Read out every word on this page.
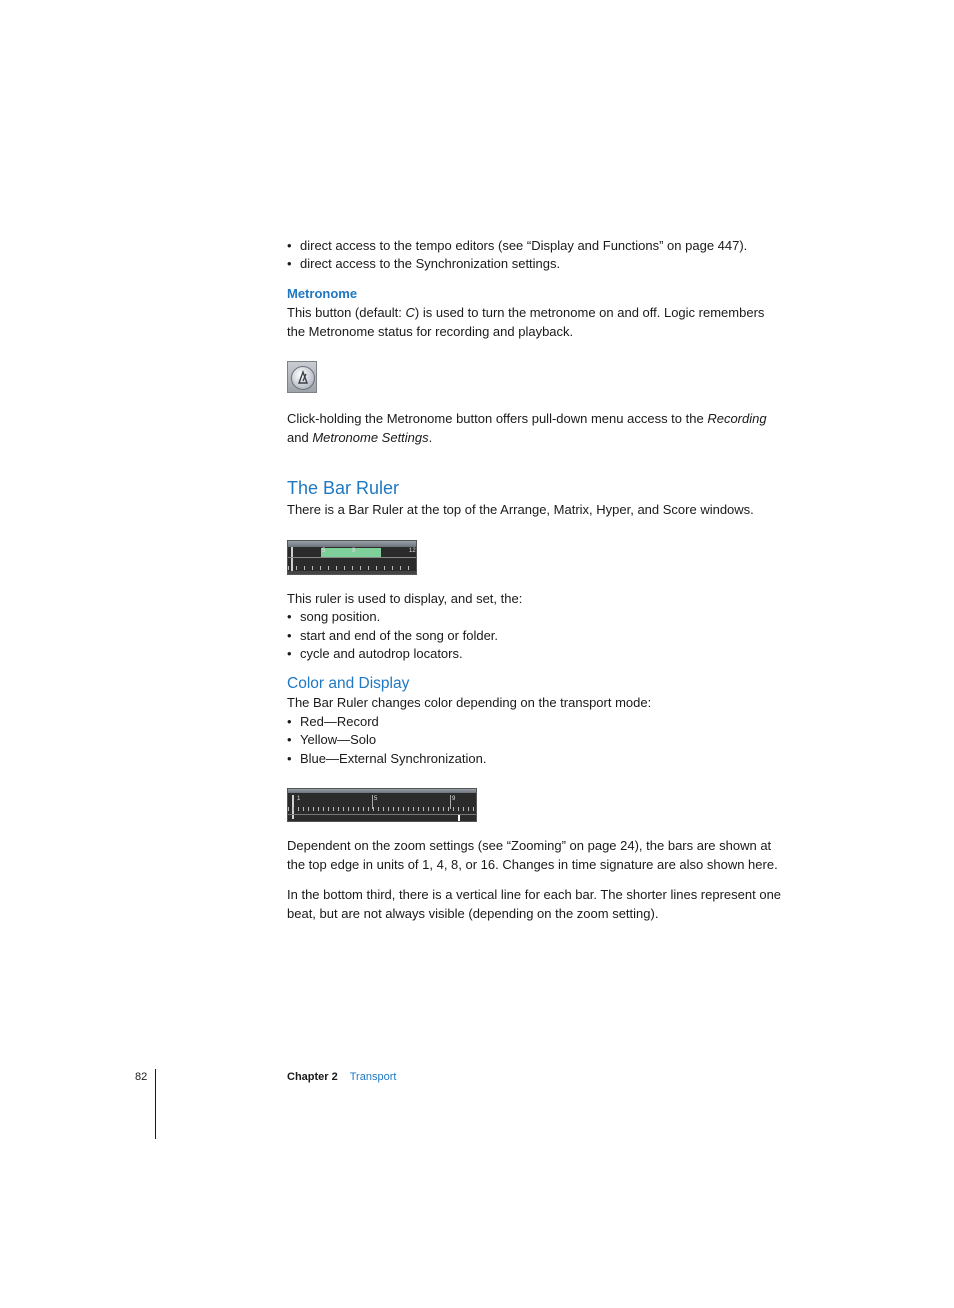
• direct access to the tempo editors (see “Display and Functions” on page 447).
• direct access to the Synchronization settings.
Metronome
This button (default: C) is used to turn the metronome on and off. Logic remembers
the Metronome status for recording and playback.
Click-holding the Metronome button offers pull-down menu access to the Recording
and Metronome Settings.
The Bar Ruler
There is a Bar Ruler at the top of the Arrange, Matrix, Hyper, and Score windows.
5	9	12
This ruler is used to display, and set, the:
• song position.
• start and end of the song or folder.
• cycle and autodrop locators.
Color and Display
The Bar Ruler changes color depending on the transport mode:
• Red—Record
• Yellow—Solo
• Blue—External Synchronization.
1	5	9
Dependent on the zoom settings (see “Zooming” on page 24), the bars are shown at
the top edge in units of 1, 4, 8, or 16. Changes in time signature are also shown here.
In the bottom third, there is a vertical line for each bar. The shorter lines represent one
beat, but are not always visible (depending on the zoom setting).
82	Chapter 2 Transport
